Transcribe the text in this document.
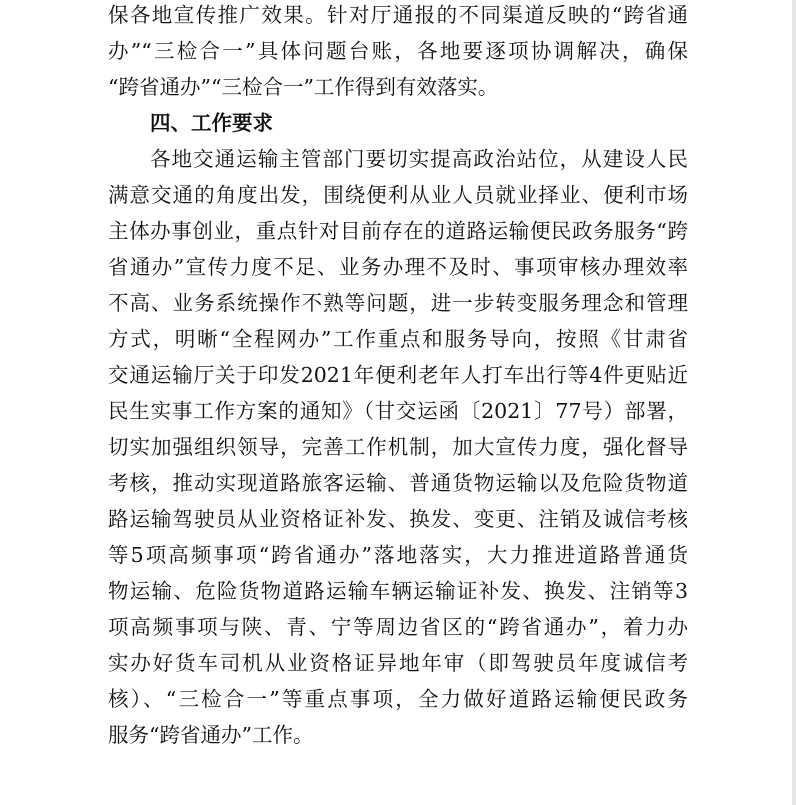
保各地宣传推广效果。针对厅通报的不同渠道反映的“跨省通
办”“三检合一”具体问题台账，各地要逐项协调解决，确保
“跨省通办”“三检合一”工作得到有效落实。
四、工作要求
各地交通运输主管部门要切实提高政治站位，从建设人民
满意交通的角度出发，围绕便利从业人员就业择业、便利市场
主体办事创业，重点针对目前存在的道路运输便民政务服务“跨
省通办”宣传力度不足、业务办理不及时、事项审核办理效率
不高、业务系统操作不熟等问题，进一步转变服务理念和管理
方式，明晰“全程网办”工作重点和服务导向，按照《甘肃省
交通运输厅关于印发2021年便利老年人打车出行等4件更贴近
民生实事工作方案的通知》（甘交运函〔2021〕77号）部署，
切实加强组织领导，完善工作机制，加大宣传力度，强化督导
考核，推动实现道路旅客运输、普通货物运输以及危险货物道
路运输驾驶员从业资格证补发、换发、变更、注销及诚信考核
等5项高频事项“跨省通办”落地落实，大力推进道路普通货
物运输、危险货物道路运输车辆运输证补发、换发、注销等3
项高频事项与陕、青、宁等周边省区的“跨省通办”，着力办
实办好货车司机从业资格证异地年审（即驾驶员年度诚信考
核）、“三检合一”等重点事项，全力做好道路运输便民政务
服务“跨省通办”工作。
